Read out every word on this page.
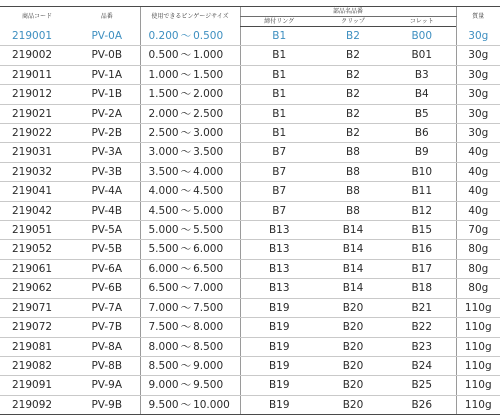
商品コード	品番	使用できるピンゲージサイズ	部品名品番			質量
			締付リング	クリップ	コレット	
219001	PV-0A	0.200 ～ 0.500	B1	B2	B00	30g
219002	PV-0B	0.500 ～ 1.000	B1	B2	B01	30g
219011	PV-1A	1.000 ～ 1.500	B1	B2	B3	30g
219012	PV-1B	1.500 ～ 2.000	B1	B2	B4	30g
219021	PV-2A	2.000 ～ 2.500	B1	B2	B5	30g
219022	PV-2B	2.500 ～ 3.000	B1	B2	B6	30g
219031	PV-3A	3.000 ～ 3.500	B7	B8	B9	40g
219032	PV-3B	3.500 ～ 4.000	B7	B8	B10	40g
219041	PV-4A	4.000 ～ 4.500	B7	B8	B11	40g
219042	PV-4B	4.500 ～ 5.000	B7	B8	B12	40g
219051	PV-5A	5.000 ～ 5.500	B13	B14	B15	70g
219052	PV-5B	5.500 ～ 6.000	B13	B14	B16	80g
219061	PV-6A	6.000 ～ 6.500	B13	B14	B17	80g
219062	PV-6B	6.500 ～ 7.000	B13	B14	B18	80g
219071	PV-7A	7.000 ～ 7.500	B19	B20	B21	110g
219072	PV-7B	7.500 ～ 8.000	B19	B20	B22	110g
219081	PV-8A	8.000 ～ 8.500	B19	B20	B23	110g
219082	PV-8B	8.500 ～ 9.000	B19	B20	B24	110g
219091	PV-9A	9.000 ～ 9.500	B19	B20	B25	110g
219092	PV-9B	9.500 ～ 10.000	B19	B20	B26	110g
